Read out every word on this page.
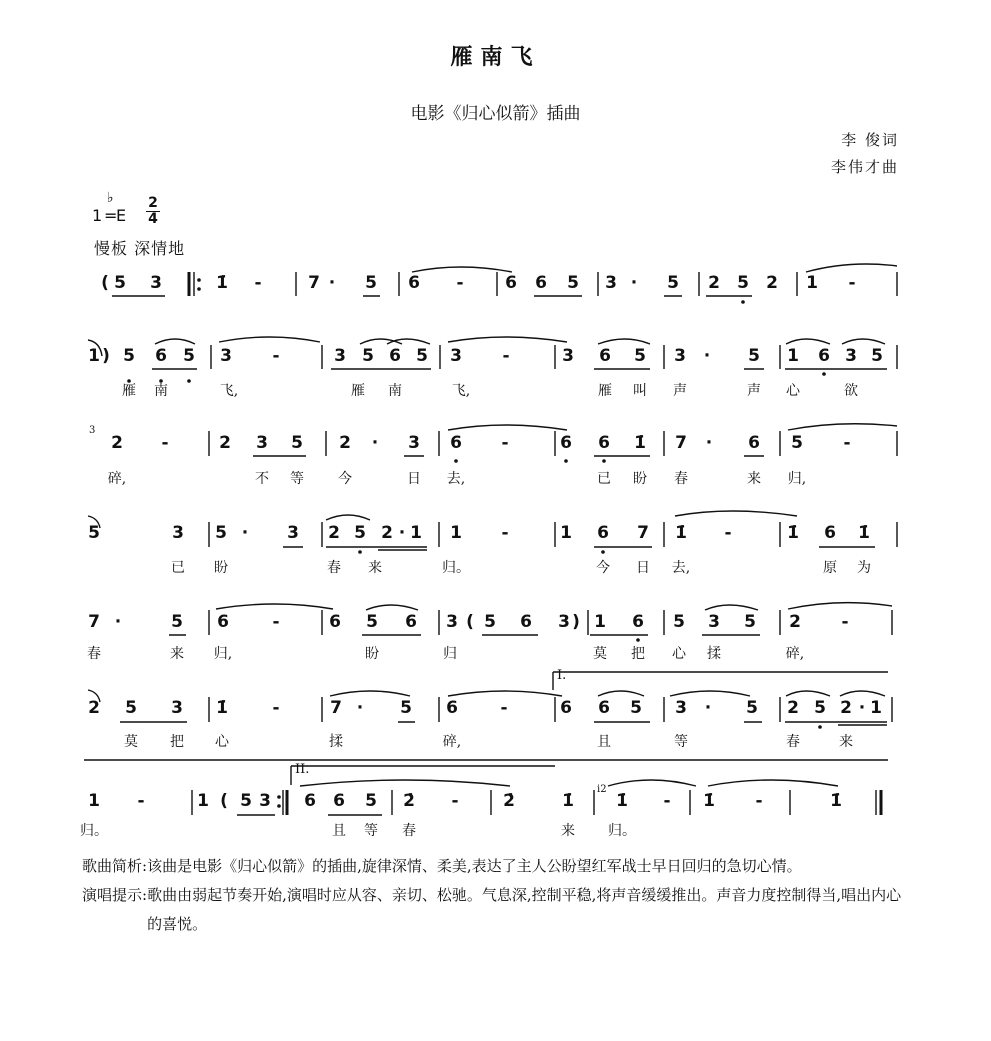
雁南飞
电影《归心似箭》插曲
李 俊词
李伟才曲
1 =
♭
E
2
4
慢板 深情地
I.
II.
3
i2
( 5 3	1̇ -	7 · 5 6 - 6 6 5 3 · 5 2 5 2 1 -
1 ) 5 6 5 3 -	3 5 6 5 3 -	3 6 5 3 · 5 1 6 3 5
雁 南	飞,	雁 南	飞,	雁 叫 声	声 心	欲
2 -	2 3 5 2 · 3 6 -	6 6 1̇ 7 · 6 5 -
碎,	不 等 今	日 去,	已 盼 春	来 归,
5	3 5 · 3 2 5 2 · 1 1 -	1 6 7 1̇ -	1̇ 6 1̇
已 盼	春 来	归。	今 日 去,	原 为
7 ·	5 6	-	6 5 6 3 ( 5 6 3 ) 1 6 5 3 5 2 -
春	来 归,	盼	归	莫 把 心 揉	碎,
2 5 3 1̇	-	7 · 5 6	-	6 6 5 3 · 5 2 5 2 · 1
莫 把 心	揉	碎,	且	等	春	来
1 -	1 ( 5 3 6 6 5 2̇ -	2̇	1̇ 1̇ - 1̇ -	1̇
归。	且 等 春	来 归。
歌曲简析: 该曲是电影《归心似箭》的插曲,旋律深情、柔美,表达了主人公盼望红军战士早日回归的急切心情。
演唱提示: 歌曲由弱起节奏开始,演唱时应从容、亲切、松驰。气息深,控制平稳,将声音缓缓推出。声音力度控制得当,唱出内心的喜悦。
